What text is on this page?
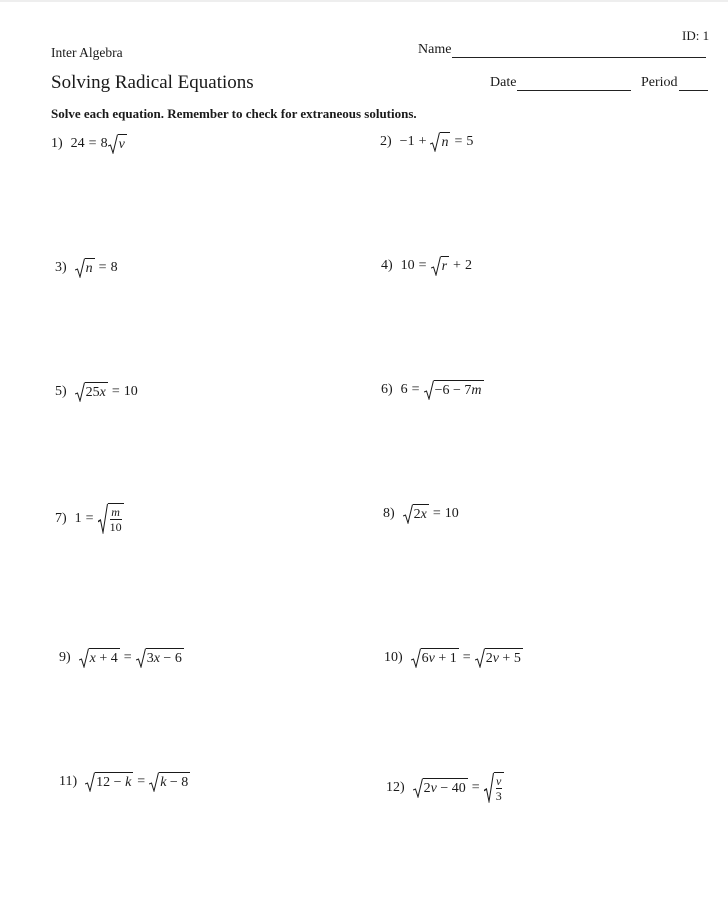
ID: 1
Inter Algebra
Solving Radical Equations
Name
Date	Period
Solve each equation. Remember to check for extraneous solutions.
1) 24 = 8 v	2) −1 + n = 5
3) n = 8	4) 10 = r + 2
5) 25 x = 10	6) 6 = −6 − 7 m
7) $1 = \frac{m}{10}$	8) 2 x = 10
9) x + 4 = 3 x − 6	10) 6 v + 1 = 2 v + 5
11) 12 − k = k − 8	12) 2 $v - 40 = \frac{v}{3}$
